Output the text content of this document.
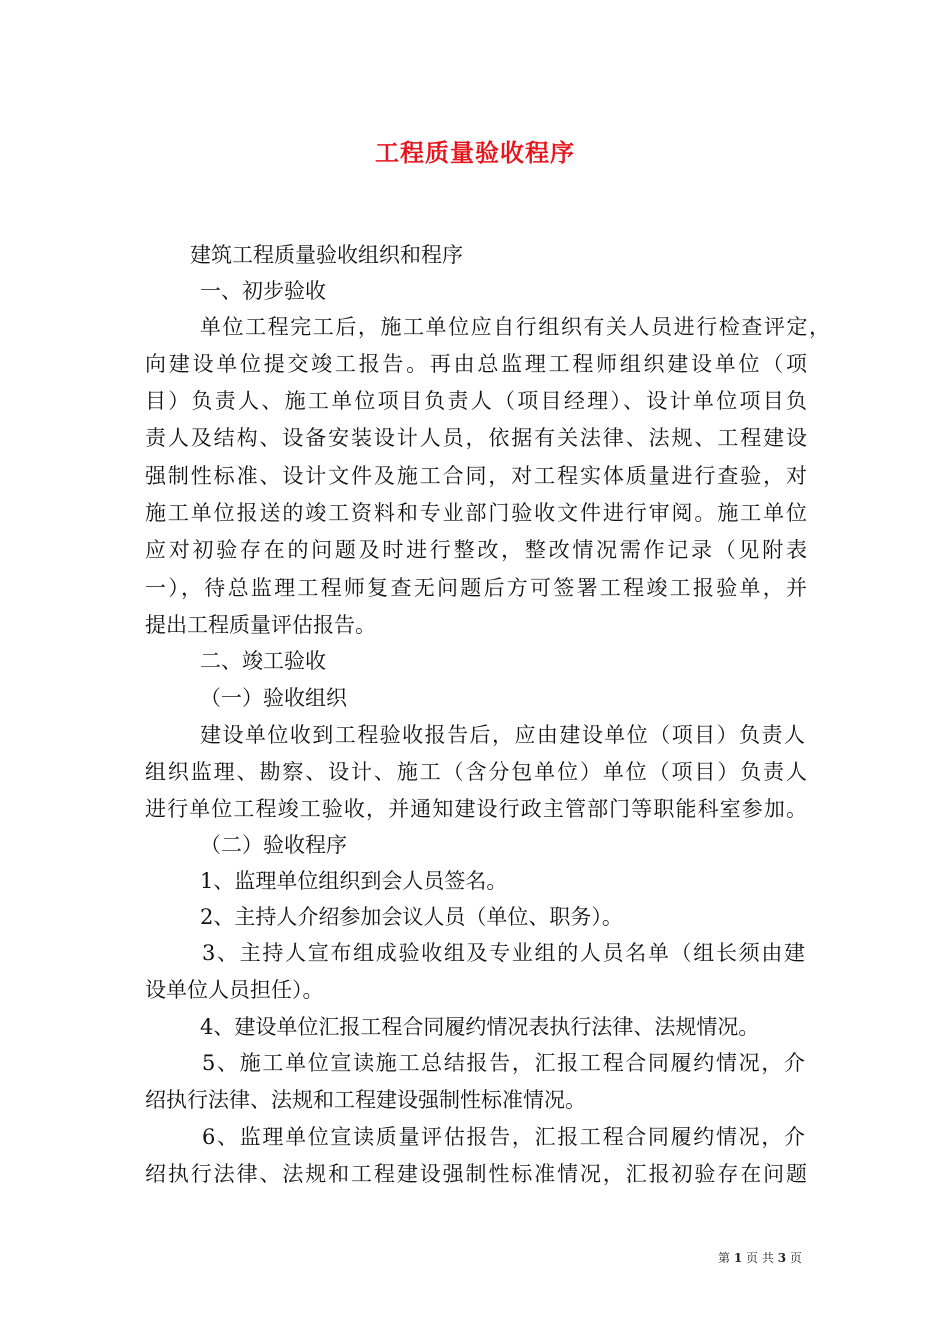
工程质量验收程序
建筑工程质量验收组织和程序
一、初步验收
单位工程完工后，施工单位应自行组织有关人员进行检查评定，
向建设单位提交竣工报告。再由总监理工程师组织建设单位（项
目）负责人、施工单位项目负责人（项目经理）、设计单位项目负
责人及结构、设备安装设计人员，依据有关法律、法规、工程建设
强制性标准、设计文件及施工合同，对工程实体质量进行查验，对
施工单位报送的竣工资料和专业部门验收文件进行审阅。施工单位
应对初验存在的问题及时进行整改，整改情况需作记录（见附表
一），待总监理工程师复查无问题后方可签署工程竣工报验单，并
提出工程质量评估报告。
二、竣工验收
（一）验收组织
建设单位收到工程验收报告后，应由建设单位（项目）负责人
组织监理、勘察、设计、施工（含分包单位）单位（项目）负责人
进行单位工程竣工验收，并通知建设行政主管部门等职能科室参加。
（二）验收程序
1、监理单位组织到会人员签名。
2、主持人介绍参加会议人员（单位、职务）。
3、主持人宣布组成验收组及专业组的人员名单（组长须由建
设单位人员担任）。
4、建设单位汇报工程合同履约情况表执行法律、法规情况。
5、施工单位宣读施工总结报告，汇报工程合同履约情况，介
绍执行法律、法规和工程建设强制性标准情况。
6、监理单位宣读质量评估报告，汇报工程合同履约情况，介
绍执行法律、法规和工程建设强制性标准情况，汇报初验存在问题
第 1 页 共 3 页
